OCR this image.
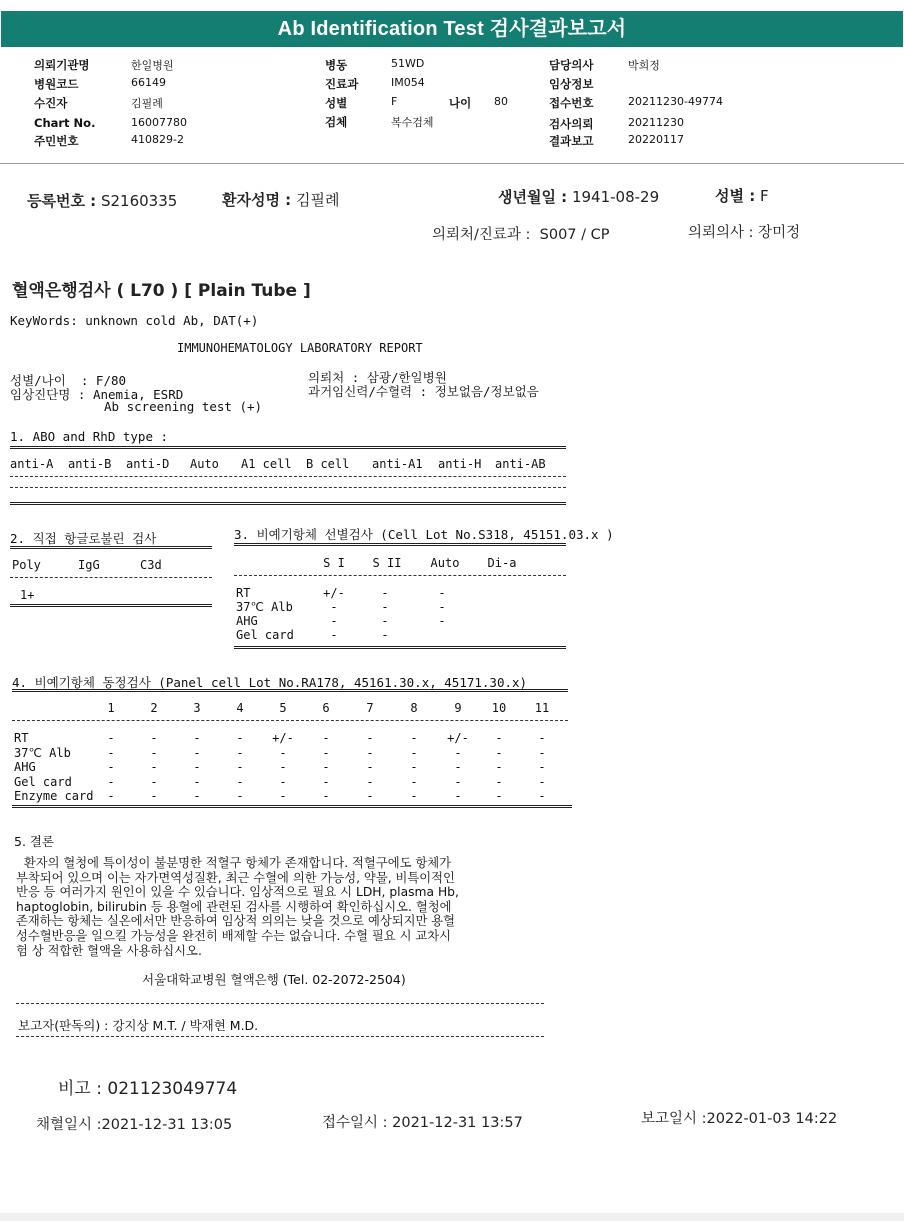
Ab Identification Test 검사결과보고서
의뢰기관명	한일병원
병원코드	66149
수진자	김필례
Chart No.	16007780
주민번호	410829-2
병동	51WD
진료과	IM054
성별	F
검체	복수검체
나이 80
담당의사	박희정
임상정보
접수번호	20211230-49774
검사의뢰	20211230
결과보고	20220117
등록번호 : S2160335	환자성명 : 김필례	생년월일 : 1941-08-29	성별 : F
의뢰처/진료과 : S007 / CP	의뢰의사 : 장미정
혈액은행검사 ( L70 ) [ Plain Tube ]
KeyWords: unknown cold Ab, DAT(+)
IMMUNOHEMATOLOGY LABORATORY REPORT
성별/나이  : F/80
임상진단명 : Anemia, ESRD
Ab screening test (+)
의뢰처 : 삼광/한일병원
과거임신력/수혈력 : 정보없음/정보없음
1. ABO and RhD type :
anti-A anti-B anti-D Auto A1 cell B cell anti-A1 anti-H anti-AB
2. 직접 항글로불린 검사
Poly	IgG	C3d
1+
3. 비예기항체 선별검사 (Cell Lot No.S318, 45151.03.x )
S I	S II	Auto	Di-a
RT	+/-	-	-
37℃ Alb	-	-	-
AHG	-	-	-
Gel card	-	-
4. 비예기항체 동정검사 (Panel cell Lot No.RA178, 45161.30.x, 45171.30.x)
1	2	3	4	5	6	7	8	9	10	11
RT	-	-	-	-	+/-	-	-	-	+/-	-	-
37℃ Alb	-	-	-	-	-	-	-	-	-	-	-
AHG	-	-	-	-	-	-	-	-	-	-	-
Gel card	-	-	-	-	-	-	-	-	-	-	-
Enzyme card	-	-	-	-	-	-	-	-	-	-	-
5. 결론
환자의 혈청에 특이성이 불분명한 적혈구 항체가 존재합니다. 적혈구에도 항체가
부착되어 있으며 이는 자가면역성질환, 최근 수혈에 의한 가능성, 약물, 비특이적인
반응 등 여러가지 원인이 있을 수 있습니다. 임상적으로 필요 시 LDH, plasma Hb,
haptoglobin, bilirubin 등 용혈에 관련된 검사를 시행하여 확인하십시오. 혈청에
존재하는 항체는 실온에서만 반응하여 임상적 의의는 낮을 것으로 예상되지만 용혈
성수혈반응을 일으킬 가능성을 완전히 배제할 수는 없습니다. 수혈 필요 시 교차시
험 상 적합한 혈액을 사용하십시오.
서울대학교병원 혈액은행 (Tel. 02-2072-2504)
보고자(판독의) : 강지상 M.T. / 박재현 M.D.
비고 : 021123049774
채혈일시 :2021-12-31 13:05	접수일시 : 2021-12-31 13:57	보고일시 :2022-01-03 14:22
